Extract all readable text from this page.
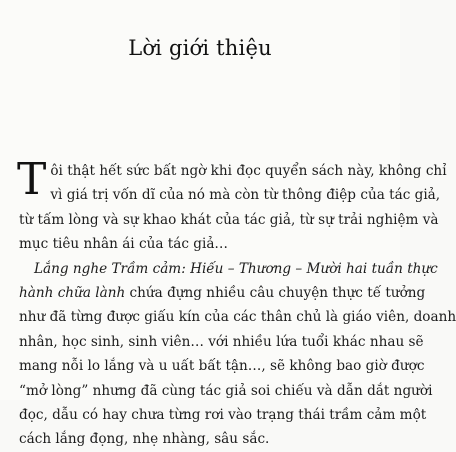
Lời giới thiệu
T ôi thật hết sức bất ngờ khi đọc quyển sách này, không chỉ
vì giá trị vốn dĩ của nó mà còn từ thông điệp của tác giả,
từ tấm lòng và sự khao khát của tác giả, từ sự trải nghiệm và
mục tiêu nhân ái của tác giả…
Lắng nghe Trầm cảm: Hiếu – Thương – Mười hai tuần thực
hành chữa lành chứa đựng nhiều câu chuyện thực tế tưởng
như đã từng được giấu kín của các thân chủ là giáo viên, doanh
nhân, học sinh, sinh viên… với nhiều lứa tuổi khác nhau sẽ
mang nỗi lo lắng và u uất bất tận…, sẽ không bao giờ được
“mở lòng” nhưng đã cùng tác giả soi chiếu và dẫn dắt người
đọc, dẫu có hay chưa từng rơi vào trạng thái trầm cảm một
cách lắng đọng, nhẹ nhàng, sâu sắc.
